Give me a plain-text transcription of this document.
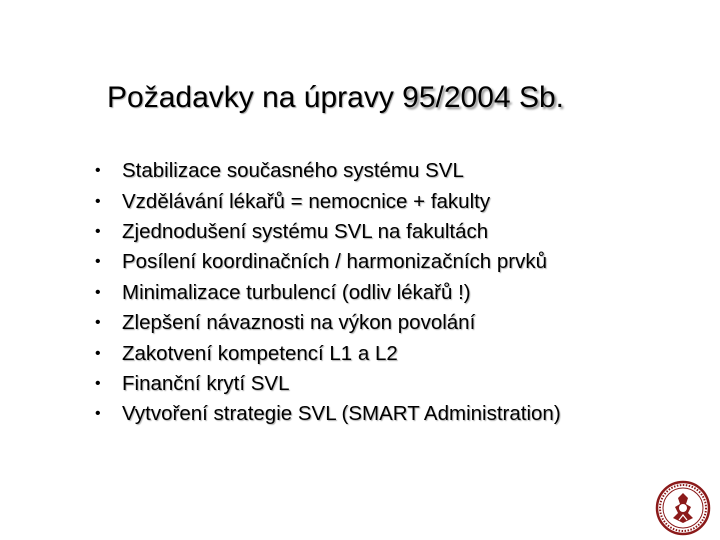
Požadavky na úpravy 95/2004 Sb.
•	Stabilizace současného systému SVL
•	Vzdělávání lékařů = nemocnice + fakulty
•	Zjednodušení systému SVL na fakultách
•	Posílení koordinačních / harmonizačních prvků
•	Minimalizace turbulencí (odliv lékařů !)
•	Zlepšení návaznosti na výkon povolání
•	Zakotvení kompetencí L1 a L2
•	Finanční krytí SVL
•	Vytvoření strategie SVL (SMART Administration)
